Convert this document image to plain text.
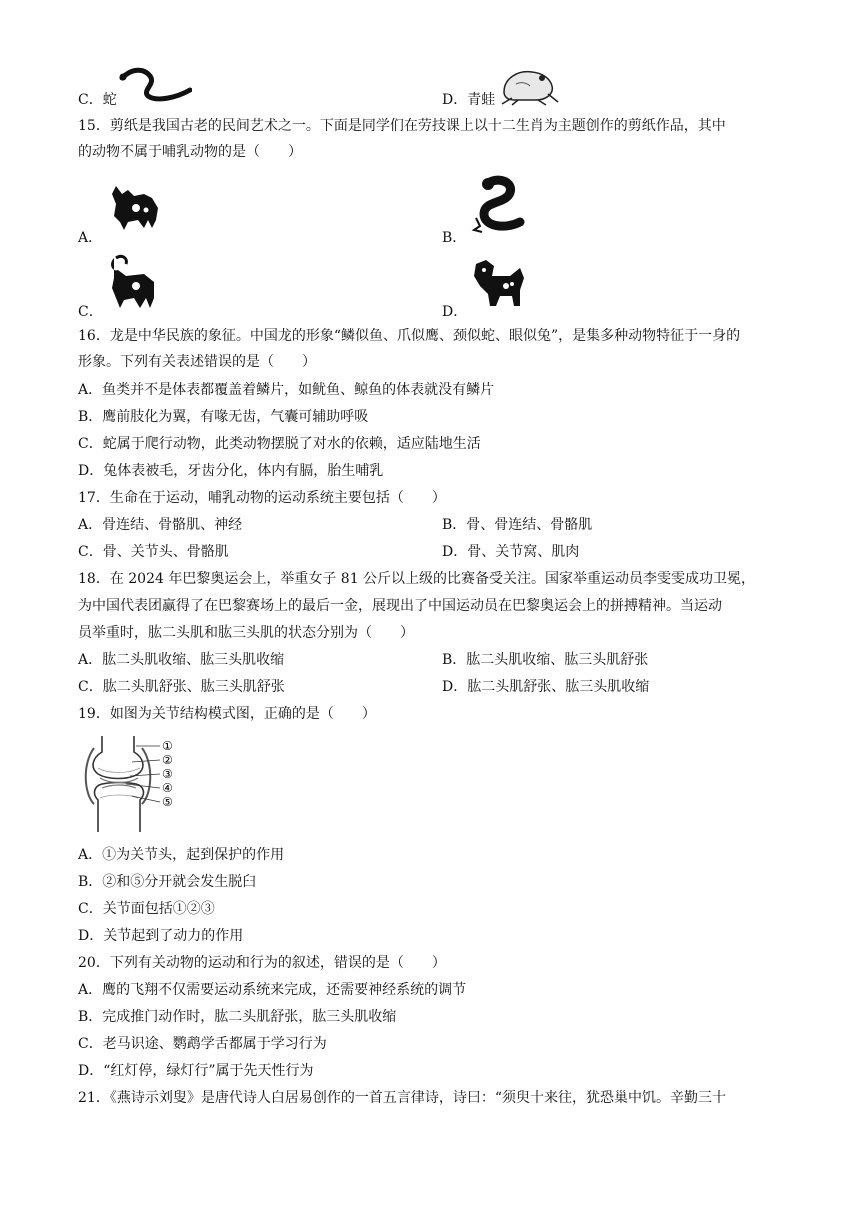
C．蛇	D．青蛙
15．剪纸是我国古老的民间艺术之一。下面是同学们在劳技课上以十二生肖为主题创作的剪纸作品，其中
的动物不属于哺乳动物的是（　　）
A．	B．
C．	D．
16．龙是中华民族的象征。中国龙的形象“鳞似鱼、爪似鹰、颈似蛇、眼似兔”，是集多种动物特征于一身的
形象。下列有关表述错误的是（　　）
A．鱼类并不是体表都覆盖着鳞片，如鱿鱼、鲸鱼的体表就没有鳞片
B．鹰前肢化为翼，有喙无齿，气囊可辅助呼吸
C．蛇属于爬行动物，此类动物摆脱了对水的依赖，适应陆地生活
D．兔体表被毛，牙齿分化，体内有膈，胎生哺乳
17．生命在于运动，哺乳动物的运动系统主要包括（　　）
A．骨连结、骨骼肌、神经	B．骨、骨连结、骨骼肌
C．骨、关节头、骨骼肌	D．骨、关节窝、肌肉
18．在 2024 年巴黎奥运会上，举重女子 81 公斤以上级的比赛备受关注。国家举重运动员李雯雯成功卫冕，
为中国代表团赢得了在巴黎赛场上的最后一金，展现出了中国运动员在巴黎奥运会上的拼搏精神。当运动
员举重时，肱二头肌和肱三头肌的状态分别为（　　）
A．肱二头肌收缩、肱三头肌收缩	B．肱二头肌收缩、肱三头肌舒张
C．肱二头肌舒张、肱三头肌舒张	D．肱二头肌舒张、肱三头肌收缩
19．如图为关节结构模式图，正确的是（　　）
①
②
③
④
⑤
A．①为关节头，起到保护的作用
B．②和⑤分开就会发生脱臼
C．关节面包括①②③
D．关节起到了动力的作用
20．下列有关动物的运动和行为的叙述，错误的是（　　）
A．鹰的飞翔不仅需要运动系统来完成，还需要神经系统的调节
B．完成推门动作时，肱二头肌舒张，肱三头肌收缩
C．老马识途、鹦鹉学舌都属于学习行为
D．“红灯停，绿灯行”属于先天性行为
21．《燕诗示刘叟》是唐代诗人白居易创作的一首五言律诗，诗曰：“须臾十来往，犹恐巢中饥。辛勤三十
